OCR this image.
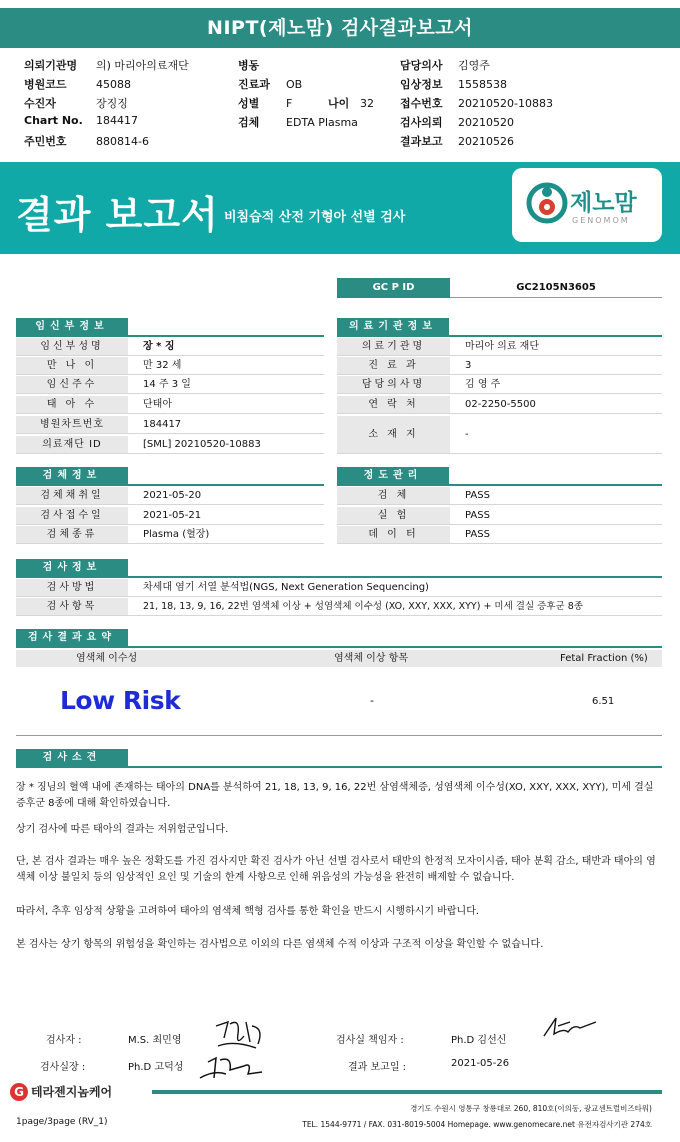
NIPT(제노맘) 검사결과보고서
의뢰기관명 의) 마리아의료재단
병원코드	45088
수진자	장징징
Chart No. 184417
주민번호	880814-6
병동
진료과 OB
성별 F	나이 32
검체 EDTA Plasma
담당의사 김영주
임상정보 1558538
접수번호 20210520-10883
검사의뢰 20210520
결과보고 20210526
결과 보고서 비침습적 산전 기형아 선별 검사
제노맘
GENOMOM
GC P ID	GC2105N3605
임신부정보
임신부성명	장 * 징
만 나 이	만 32 세
임신주수	14 주 3 일
태 아 수	단태아
병원차트번호	184417
의료재단 ID	[SML] 20210520-10883
의료기관정보
의료기관명	마리아 의료 재단
진 료 과	3
담당의사명	김 영 주
연 락 처	02-2250-5500
소 재 지	-
검체정보
검체채취일	2021-05-20
검사접수일	2021-05-21
검체종류	Plasma (혈장)
정도관리
검 체	PASS
실 험	PASS
데 이 터	PASS
검사정보
검사방법	차세대 염기 서열 분석법(NGS, Next Generation Sequencing)
검사항목	21, 18, 13, 9, 16, 22번 염색체 이상 + 성염색체 이수성 (XO, XXY, XXX, XYY) + 미세 결실 증후군 8종
검사결과요약
염색체 이수성	염색체 이상 항목	Fetal Fraction (%)
Low Risk	-	6.51
검사소견
장 * 징님의 혈액 내에 존재하는 태아의 DNA를 분석하여 21, 18, 13, 9, 16, 22번 삼염색체증, 성염색체 이수성(XO, XXY, XXX, XYY), 미세 결실 증후군 8종에 대해 확인하였습니다.
상기 검사에 따른 태아의 결과는 저위험군입니다.
단, 본 검사 결과는 매우 높은 정확도를 가진 검사지만 확진 검사가 아닌 선별 검사로서 태반의 한정적 모자이시즘, 태아 분획 감소, 태반과 태아의 염색체 이상 불일치 등의 임상적인 요인 및 기술의 한계 사항으로 인해 위음성의 가능성을 완전히 배제할 수 없습니다.
따라서, 추후 임상적 상황을 고려하여 태아의 염색체 핵형 검사를 통한 확인을 반드시 시행하시기 바랍니다.
본 검사는 상기 항목의 위험성을 확인하는 검사법으로 이외의 다른 염색체 수적 이상과 구조적 이상을 확인할 수 없습니다.
검사자 :	M.S. 최민영	검사실 책임자 :	Ph.D 김선신
검사실장 :	Ph.D 고덕성	결과 보고일 :	2021-05-26
G 테라젠지놈케어
경기도 수원시 영통구 창룡대로 260, 810호(이의동, 광교센트럴비즈타워)
TEL. 1544-9771 / FAX. 031-8019-5004 Homepage. www.genomecare.net 유전자검사기관 274호
1page/3page (RV_1)
